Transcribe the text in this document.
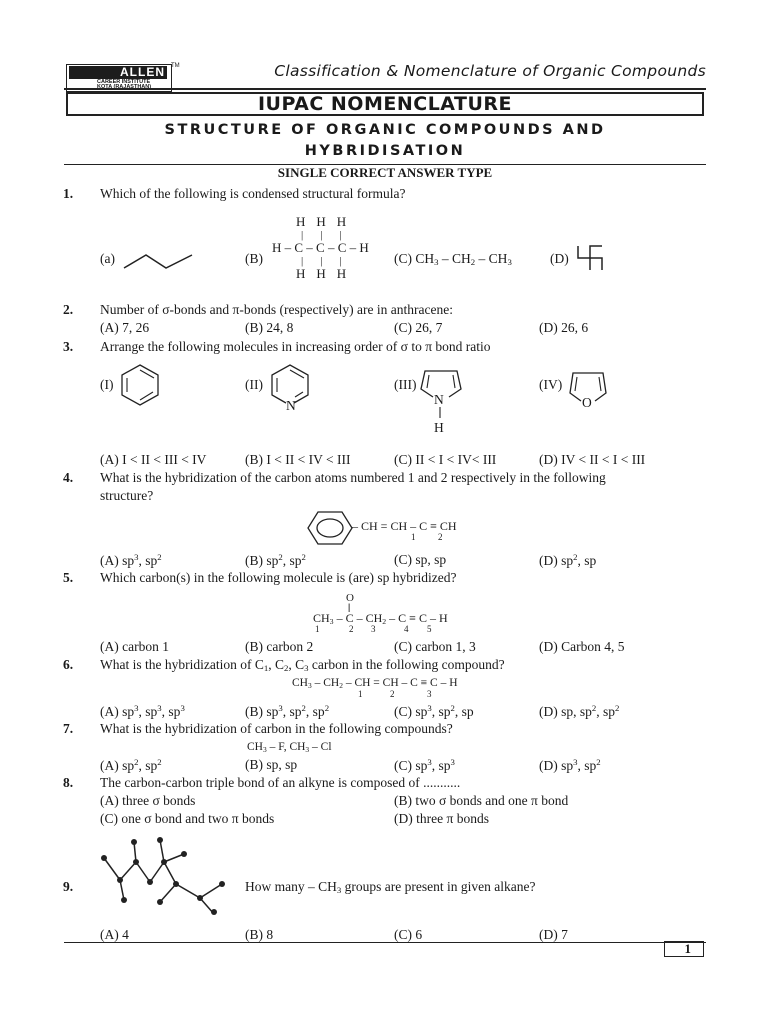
ALLEN
CAREER INSTITUTE
KOTA (RAJASTHAN)
TM	Classification & Nomenclature of Organic Compounds
IUPAC NOMENCLATURE
STRUCTURE OF ORGANIC COMPOUNDS AND
HYBRIDISATION
SINGLE CORRECT ANSWER TYPE
1. Which of the following is condensed structural formula?
(a)	(B)
HHH
|||
H – C – C – C – H
|||
HHH
(C) $CH_3 - CH_2 - CH_3$	(D)
2. Number of σ-bonds and π-bonds (respectively) are in anthracene:
(A) 7, 26	(B) 24, 8	(C) 26, 7	(D) 26, 6
3. Arrange the following molecules in increasing order of σ to π bond ratio
(I)	(II)
N
(III)
N
H
(IV)
O
(A) I < II < III < IV	(B) I < II < IV < III	(C) II < I < IV< III	(D) IV < II < I < III
4. What is the hybridization of the carbon atoms numbered 1 and 2 respectively in the following
structure?
– CH = CH – C ≡ CH
1	2
(A) $sp^3$, $sp^2$	(B) $sp^2$, $sp^2$	(C) sp, sp	(D) $sp^2$, sp
5. Which carbon(s) in the following molecule is (are) sp hybridized?
O
||
$CH_3 - C - CH_2 - C \equiv C - H$
1	2 3	4 5
(A) carbon 1	(B) carbon 2	(C) carbon 1, 3	(D) Carbon 4, 5
6. What is the hybridization of $C_1$, $C_2$, $C_3$ carbon in the following compound?
$CH_3 - CH_2$ – CH = CH – C ≡ C – H
1	2	3
(A) $sp^3$, $sp^3$, $sp^3$	(B) $sp^3$, $sp^2$, $sp^2$	(C) $sp^3$, $sp^2$, sp	(D) sp, $sp^2$, $sp^2$
7. What is the hybridization of carbon in the following compounds?
$CH_3$ – F, $CH_3$ – Cl
(A) $sp^2$, $sp^2$	(B) sp, sp	(C) $sp^3$, $sp^3$	(D) $sp^3$, $sp^2$
8. The carbon-carbon triple bond of an alkyne is composed of ...........
(A) three σ bonds	(B) two σ bonds and one π bond
(C) one σ bond and two π bonds	(D) three π bonds
9.	How many – $CH_3$ groups are present in given alkane?
(A) 4	(B) 8	(C) 6	(D) 7
1
